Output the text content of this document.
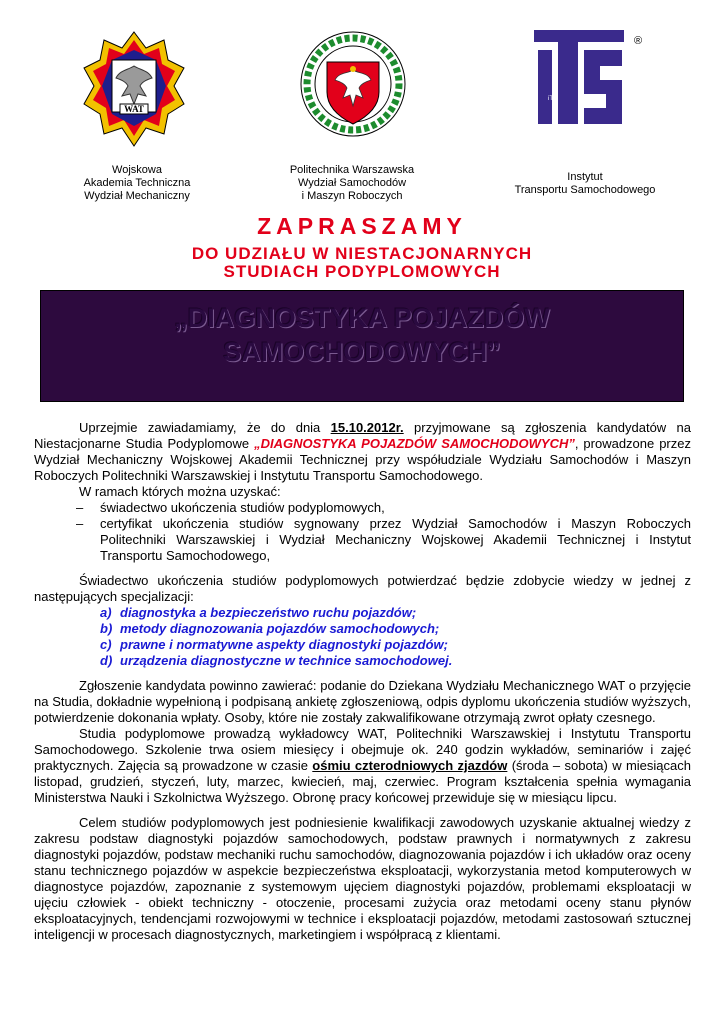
WAT
iTS
®
Wojskowa
Akademia Techniczna
Wydział Mechaniczny
Politechnika Warszawska
Wydział Samochodów
i Maszyn Roboczych
Instytut
Transportu Samochodowego
ZAPRASZAMY
DO UDZIAŁU W NIESTACJONARNYCH
STUDIACH PODYPLOMOWYCH
„DIAGNOSTYKA POJAZDÓW
SAMOCHODOWYCH”

Uprzejmie zawiadamiamy, że do dnia 15.10.2012r. przyjmowane są zgłoszenia kandydatów na Niestacjonarne Studia Podyplomowe „DIAGNOSTYKA POJAZDÓW SAMOCHODOWYCH”, prowadzone przez Wydział Mechaniczny Wojskowej Akademii Technicznej przy współudziale Wydziału Samochodów i Maszyn Roboczych Politechniki Warszawskiej i Instytutu Transportu Samochodowego.

W ramach których można uzyskać:

– świadectwo ukończenia studiów podyplomowych,
– certyfikat ukończenia studiów sygnowany przez Wydział Samochodów i Maszyn Roboczych Politechniki Warszawskiej i Wydział Mechaniczny Wojskowej Akademii Technicznej i Instytut Transportu Samochodowego,

Świadectwo ukończenia studiów podyplomowych potwierdzać będzie zdobycie wiedzy w jednej z następujących specjalizacji:

a) diagnostyka a bezpieczeństwo ruchu pojazdów;
b) metody diagnozowania pojazdów samochodowych;
c) prawne i normatywne aspekty diagnostyki pojazdów;
d) urządzenia diagnostyczne w technice samochodowej.

Zgłoszenie kandydata powinno zawierać: podanie do Dziekana Wydziału Mechanicznego WAT o przyjęcie na Studia, dokładnie wypełnioną i podpisaną ankietę zgłoszeniową, odpis dyplomu ukończenia studiów wyższych, potwierdzenie dokonania wpłaty. Osoby, które nie zostały zakwalifikowane otrzymają zwrot opłaty czesnego.

Studia podyplomowe prowadzą wykładowcy WAT, Politechniki Warszawskiej i Instytutu Transportu Samochodowego. Szkolenie trwa osiem miesięcy i obejmuje ok. 240 godzin wykładów, seminariów i zajęć praktycznych. Zajęcia są prowadzone w czasie ośmiu czterodniowych zjazdów (środa – sobota) w miesiącach listopad, grudzień, styczeń, luty, marzec, kwiecień, maj, czerwiec. Program kształcenia spełnia wymagania Ministerstwa Nauki i Szkolnictwa Wyższego. Obronę pracy końcowej przewiduje się w miesiącu lipcu.

Celem studiów podyplomowych jest podniesienie kwalifikacji zawodowych uzyskanie aktualnej wiedzy z zakresu podstaw diagnostyki pojazdów samochodowych, podstaw prawnych i normatywnych z zakresu diagnostyki pojazdów, podstaw mechaniki ruchu samochodów, diagnozowania pojazdów i ich układów oraz oceny stanu technicznego pojazdów w aspekcie bezpieczeństwa eksploatacji, wykorzystania metod komputerowych w diagnostyce pojazdów, zapoznanie z systemowym ujęciem diagnostyki pojazdów, problemami eksploatacji w ujęciu człowiek - obiekt techniczny - otoczenie, procesami zużycia oraz metodami oceny stanu płynów eksploatacyjnych, tendencjami rozwojowymi w technice i eksploatacji pojazdów, metodami zastosowań sztucznej inteligencji w procesach diagnostycznych, marketingiem i współpracą z klientami.
